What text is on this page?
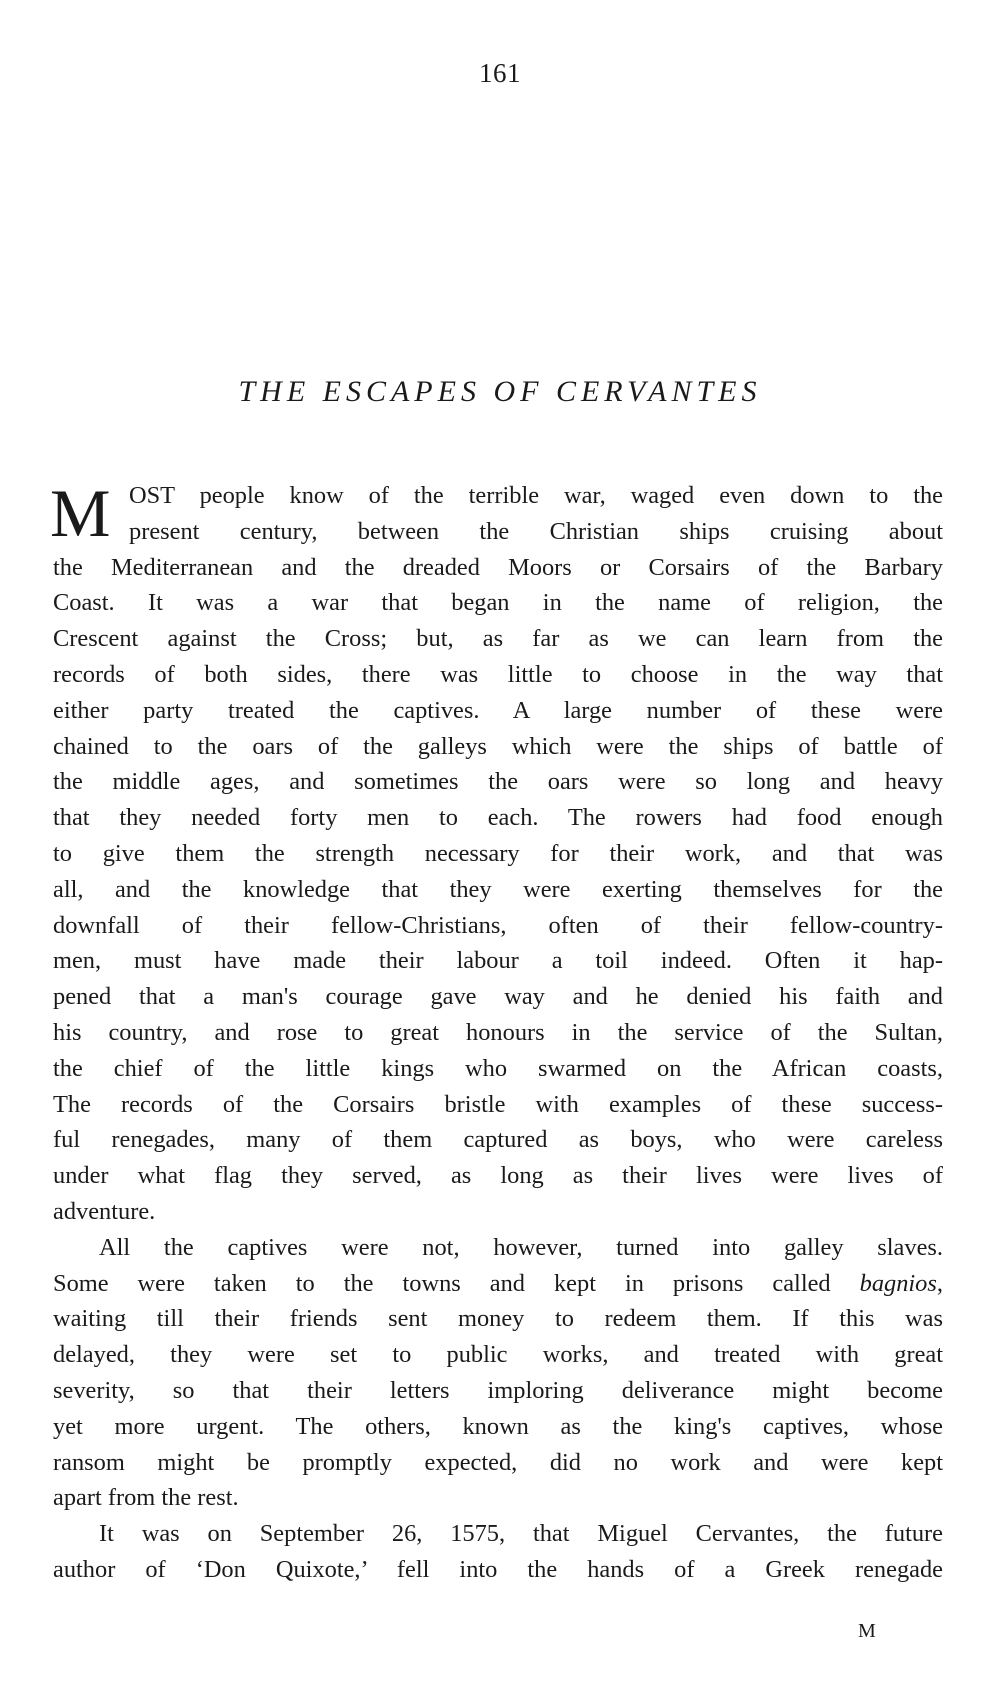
161
THE ESCAPES OF CERVANTES
M OST people know of the terrible war, waged even down to the
present century, between the Christian ships cruising about
the Mediterranean and the dreaded Moors or Corsairs of the Barbary
Coast. It was a war that began in the name of religion, the
Crescent against the Cross; but, as far as we can learn from the
records of both sides, there was little to choose in the way that
either party treated the captives. A large number of these were
chained to the oars of the galleys which were the ships of battle of
the middle ages, and sometimes the oars were so long and heavy
that they needed forty men to each. The rowers had food enough
to give them the strength necessary for their work, and that was
all, and the knowledge that they were exerting themselves for the
downfall of their fellow-Christians, often of their fellow-country-
men, must have made their labour a toil indeed. Often it hap-
pened that a man's courage gave way and he denied his faith and
his country, and rose to great honours in the service of the Sultan,
the chief of the little kings who swarmed on the African coasts,
The records of the Corsairs bristle with examples of these success-
ful renegades, many of them captured as boys, who were careless
under what flag they served, as long as their lives were lives of
adventure.
All the captives were not, however, turned into galley slaves.
Some were taken to the towns and kept in prisons called bagnios,
waiting till their friends sent money to redeem them. If this was
delayed, they were set to public works, and treated with great
severity, so that their letters imploring deliverance might become
yet more urgent. The others, known as the king's captives, whose
ransom might be promptly expected, did no work and were kept
apart from the rest.
It was on September 26, 1575, that Miguel Cervantes, the future
author of ‘Don Quixote,’ fell into the hands of a Greek renegade
M
